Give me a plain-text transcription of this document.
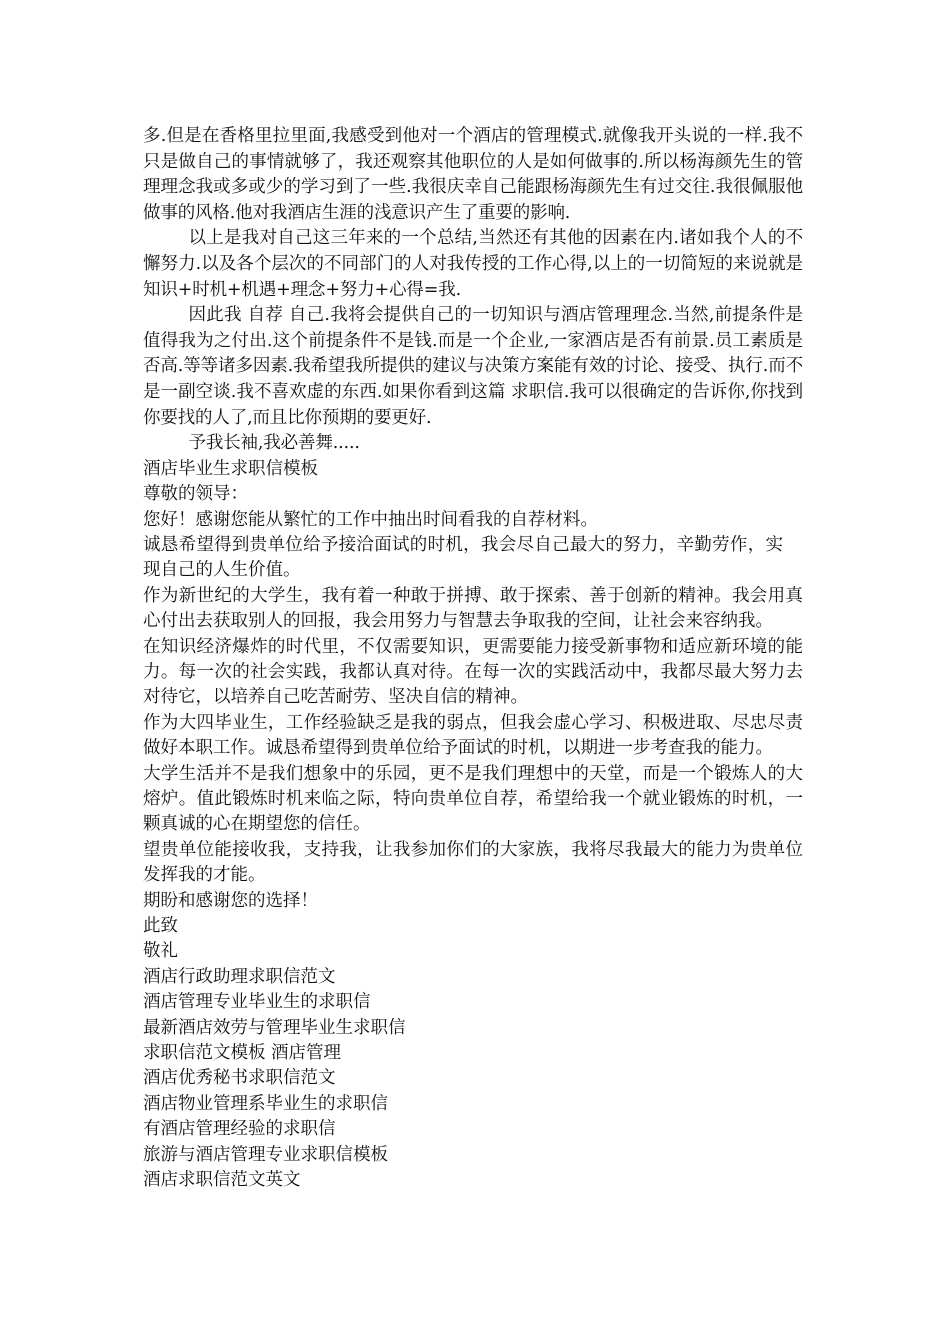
多.但是在香格里拉里面,我感受到他对一个酒店的管理模式.就像我开头说的一样.我不只是做自己的事情就够了，我还观察其他职位的人是如何做事的.所以杨海颜先生的管理理念我或多或少的学习到了一些.我很庆幸自己能跟杨海颜先生有过交往.我很佩服他做事的风格.他对我酒店生涯的浅意识产生了重要的影响.

以上是我对自己这三年来的一个总结,当然还有其他的因素在内.诸如我个人的不懈努力.以及各个层次的不同部门的人对我传授的工作心得,以上的一切简短的来说就是知识+时机+机遇+理念+努力+心得=我.

因此我 自荐 自己.我将会提供自己的一切知识与酒店管理理念.当然,前提条件是值得我为之付出.这个前提条件不是钱.而是一个企业,一家酒店是否有前景.员工素质是否高.等等诸多因素.我希望我所提供的建议与决策方案能有效的讨论、接受、执行.而不是一副空谈.我不喜欢虚的东西.如果你看到这篇 求职信.我可以很确定的告诉你,你找到你要找的人了,而且比你预期的要更好.

予我长袖,我必善舞.....

酒店毕业生求职信模板

尊敬的领导：

您好！感谢您能从繁忙的工作中抽出时间看我的自荐材料。

诚恳希望得到贵单位给予接洽面试的时机，我会尽自己最大的努力，辛勤劳作，实现自己的人生价值。

作为新世纪的大学生，我有着一种敢于拼搏、敢于探索、善于创新的精神。我会用真心付出去获取别人的回报，我会用努力与智慧去争取我的空间，让社会来容纳我。

在知识经济爆炸的时代里，不仅需要知识，更需要能力接受新事物和适应新环境的能力。每一次的社会实践，我都认真对待。在每一次的实践活动中，我都尽最大努力去对待它，以培养自己吃苦耐劳、坚决自信的精神。

作为大四毕业生，工作经验缺乏是我的弱点，但我会虚心学习、积极进取、尽忠尽责做好本职工作。诚恳希望得到贵单位给予面试的时机，以期进一步考查我的能力。

大学生活并不是我们想象中的乐园，更不是我们理想中的天堂，而是一个锻炼人的大熔炉。值此锻炼时机来临之际，特向贵单位自荐，希望给我一个就业锻炼的时机，一颗真诚的心在期望您的信任。

望贵单位能接收我，支持我，让我参加你们的大家族，我将尽我最大的能力为贵单位发挥我的才能。

期盼和感谢您的选择！

此致

敬礼

酒店行政助理求职信范文

酒店管理专业毕业生的求职信

最新酒店效劳与管理毕业生求职信

求职信范文模板 酒店管理

酒店优秀秘书求职信范文

酒店物业管理系毕业生的求职信

有酒店管理经验的求职信

旅游与酒店管理专业求职信模板

酒店求职信范文英文
